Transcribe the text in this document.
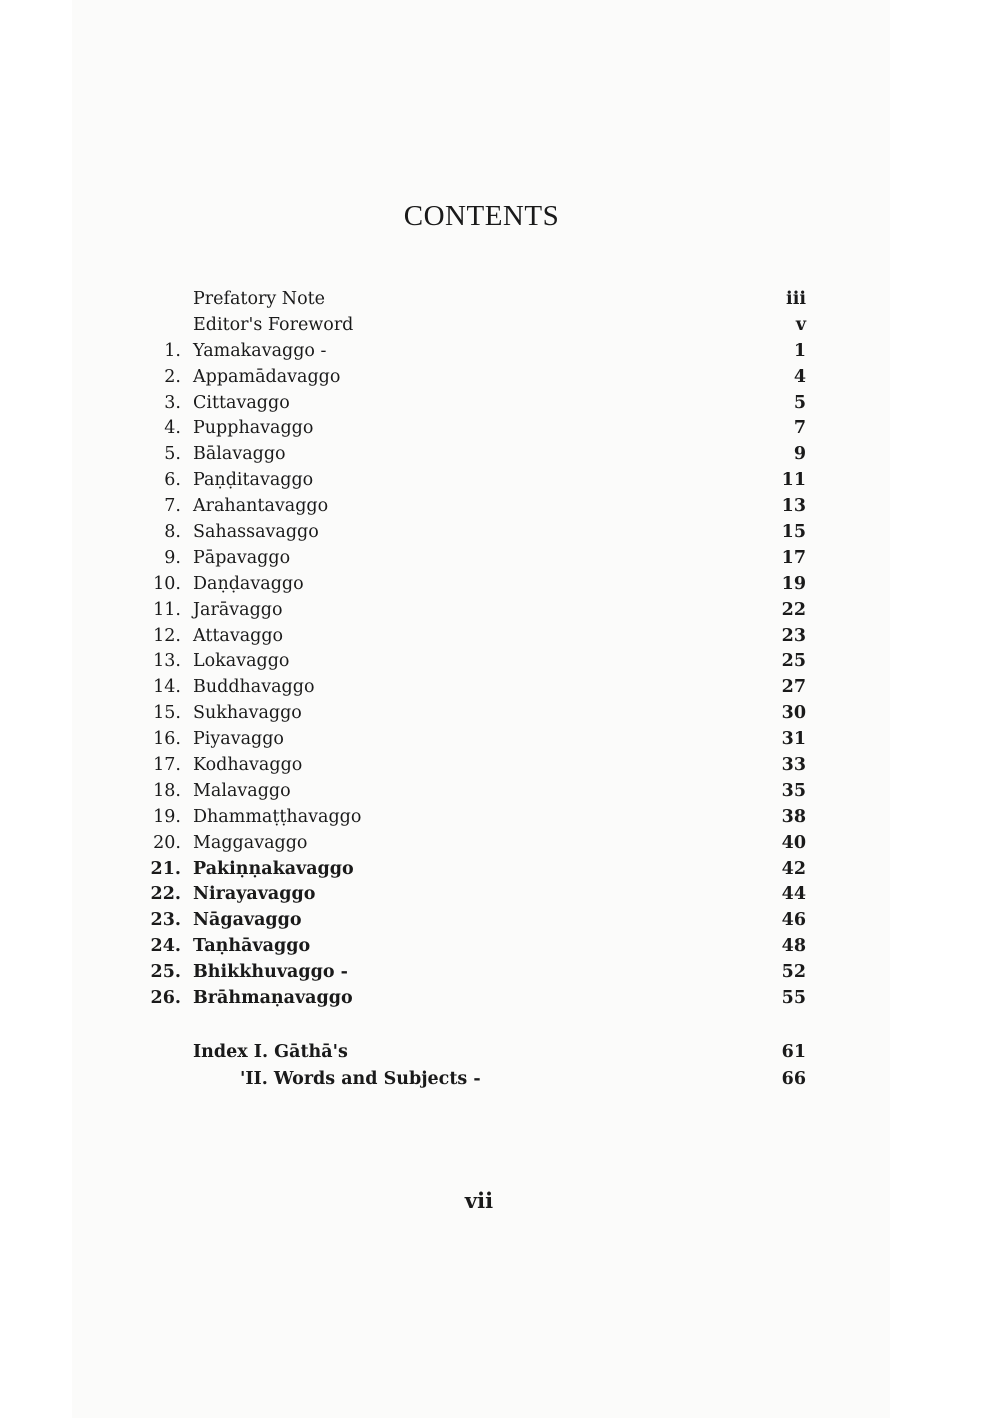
CONTENTS
Prefatory Note	iii
Editor's Foreword	v
1. Yamakavaggo -	1
2. Appamādavaggo	4
3. Cittavaggo	5
4. Pupphavaggo	7
5. Bālavaggo	9
6. Paṇḍitavaggo	11
7. Arahantavaggo	13
8. Sahassavaggo	15
9. Pāpavaggo	17
10. Daṇḍavaggo	19
11. Jarāvaggo	22
12. Attavaggo	23
13. Lokavaggo	25
14. Buddhavaggo	27
15. Sukhavaggo	30
16. Piyavaggo	31
17. Kodhavaggo	33
18. Malavaggo	35
19. Dhammaṭṭhavaggo	38
20. Maggavaggo	40
21. Pakiṇṇakavaggo	42
22. Nirayavaggo	44
23. Nāgavaggo	46
24. Taṇhāvaggo	48
25. Bhikkhuvaggo -	52
26. Brāhmaṇavaggo	55
Index I. Gāthā's	61
'II. Words and Subjects -	66
vii
